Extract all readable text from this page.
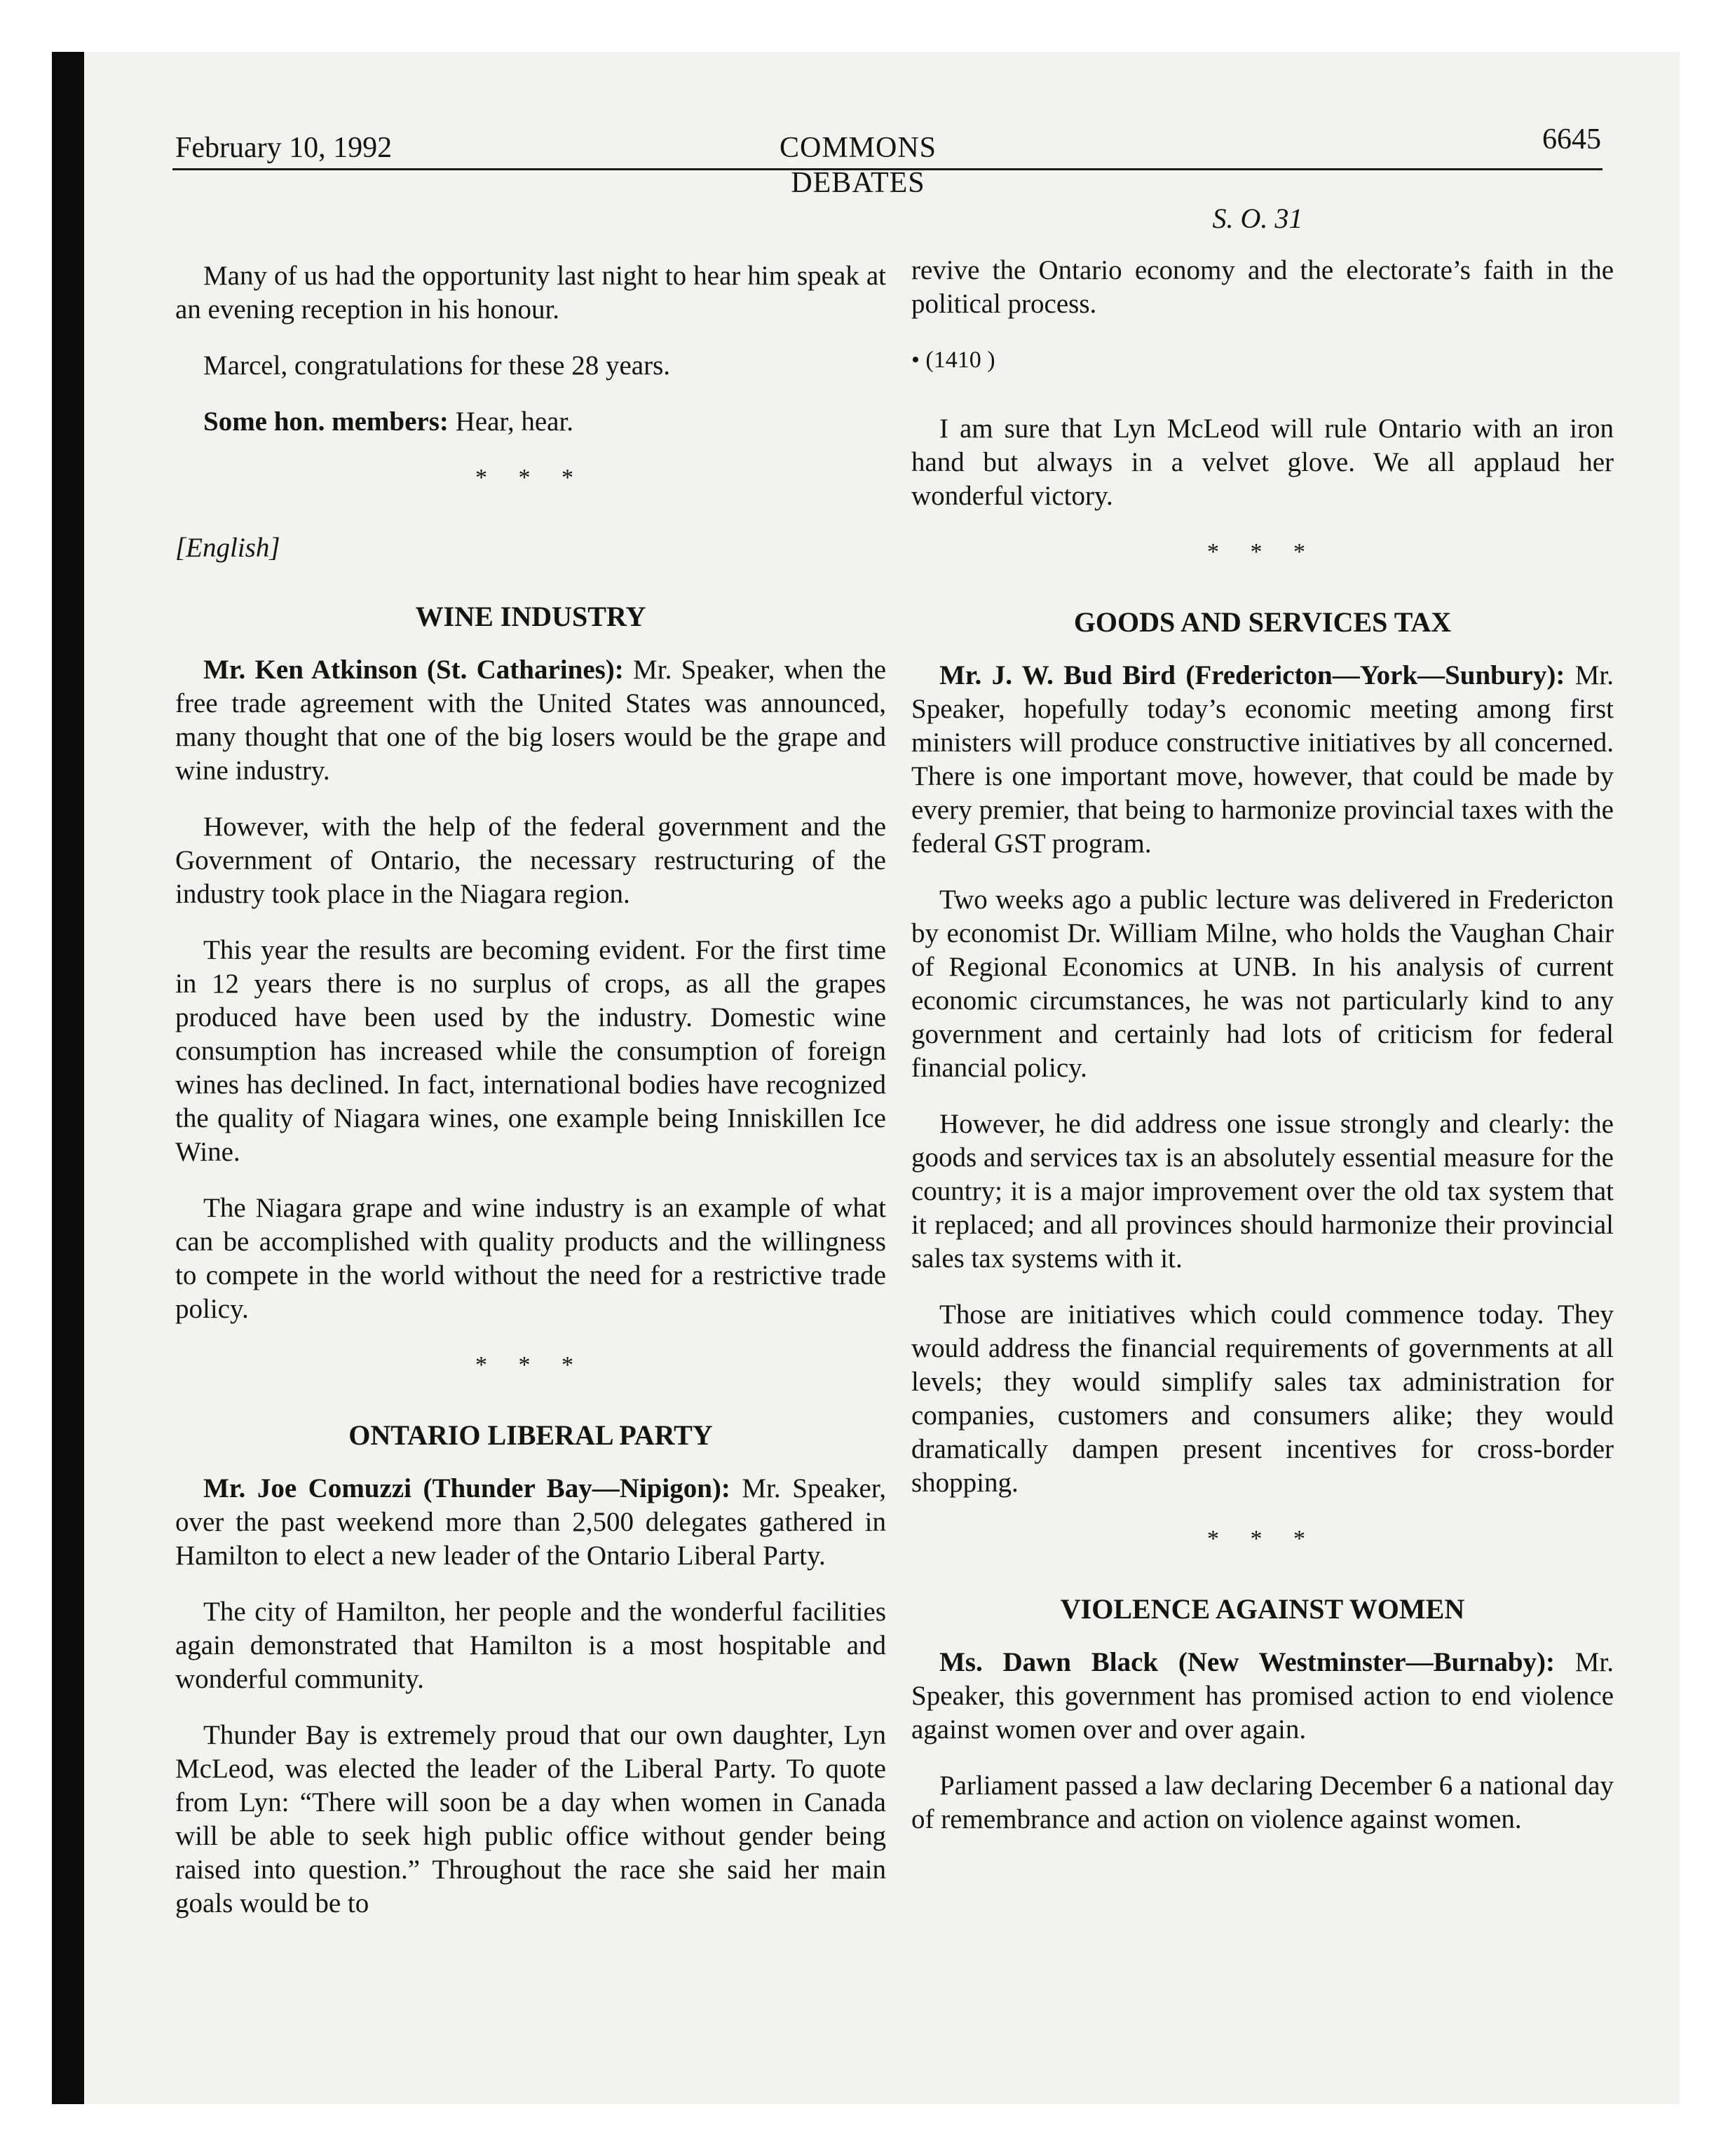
February 10, 1992	COMMONS DEBATES
6645
S. O. 31

Many of us had the opportunity last night to hear him speak at an evening reception in his honour.

Marcel, congratulations for these 28 years.

Some hon. members: Hear, hear.

* * *
[English]
WINE INDUSTRY

Mr. Ken Atkinson (St. Catharines): Mr. Speaker, when the free trade agreement with the United States was announced, many thought that one of the big losers would be the grape and wine industry.

However, with the help of the federal government and the Government of Ontario, the necessary restructuring of the industry took place in the Niagara region.

This year the results are becoming evident. For the first time in 12 years there is no surplus of crops, as all the grapes produced have been used by the industry. Domestic wine consumption has increased while the consumption of foreign wines has declined. In fact, international bodies have recognized the quality of Niagara wines, one example being Inniskillen Ice Wine.

The Niagara grape and wine industry is an example of what can be accomplished with quality products and the willingness to compete in the world without the need for a restrictive trade policy.

* * *
ONTARIO LIBERAL PARTY

Mr. Joe Comuzzi (Thunder Bay—Nipigon): Mr. Speaker, over the past weekend more than 2,500 delegates gathered in Hamilton to elect a new leader of the Ontario Liberal Party.

The city of Hamilton, her people and the wonderful facilities again demonstrated that Hamilton is a most hospitable and wonderful community.

Thunder Bay is extremely proud that our own daughter, Lyn McLeod, was elected the leader of the Liberal Party. To quote from Lyn: “There will soon be a day when women in Canada will be able to seek high public office without gender being raised into question.” Throughout the race she said her main goals would be to

revive the Ontario economy and the electorate’s faith in the political process.

• (1410 )

I am sure that Lyn McLeod will rule Ontario with an iron hand but always in a velvet glove. We all applaud her wonderful victory.

* * *
GOODS AND SERVICES TAX

Mr. J. W. Bud Bird (Fredericton—York—Sunbury): Mr. Speaker, hopefully today’s economic meeting among first ministers will produce constructive initiatives by all concerned. There is one important move, however, that could be made by every premier, that being to harmonize provincial taxes with the federal GST program.

Two weeks ago a public lecture was delivered in Fredericton by economist Dr. William Milne, who holds the Vaughan Chair of Regional Economics at UNB. In his analysis of current economic circumstances, he was not particularly kind to any government and certainly had lots of criticism for federal financial policy.

However, he did address one issue strongly and clearly: the goods and services tax is an absolutely essential measure for the country; it is a major improvement over the old tax system that it replaced; and all provinces should harmonize their provincial sales tax systems with it.

Those are initiatives which could commence today. They would address the financial requirements of governments at all levels; they would simplify sales tax administration for companies, customers and consumers alike; they would dramatically dampen present incentives for cross-border shopping.

* * *
VIOLENCE AGAINST WOMEN

Ms. Dawn Black (New Westminster—Burnaby): Mr. Speaker, this government has promised action to end violence against women over and over again.

Parliament passed a law declaring December 6 a national day of remembrance and action on violence against women.
